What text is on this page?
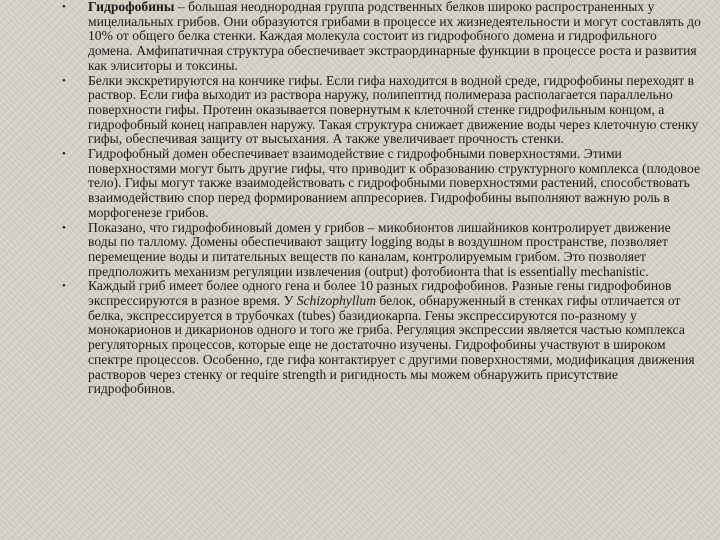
• Гидрофобины – большая неоднородная группа родственных белков широко распространенных у мицелиальных грибов. Они образуются грибами в процессе их жизнедеятельности и могут составлять до 10% от общего белка стенки. Каждая молекула состоит из гидрофобного домена и гидрофильного домена. Амфипатичная структура обеспечивает экстраординарные функции в процессе роста и развития как элиситоры и токсины.
• Белки экскретируются на кончике гифы. Если гифа находится в водной среде, гидрофобины переходят в раствор. Если гифа выходит из раствора наружу, полипептид полимераза располагается параллельно поверхности гифы. Протеин оказывается повернутым к клеточной стенке гидрофильным концом, а гидрофобный конец направлен наружу. Такая структура снижает движение воды через клеточную стенку гифы, обеспечивая защиту от высыхания. А также увеличивает прочность стенки.
• Гидрофобный домен обеспечивает взаимодействие с гидрофобными поверхностями. Этими поверхностями могут быть другие гифы, что приводит к образованию структурного комплекса (плодовое тело). Гифы могут также взаимодействовать с гидрофобными поверхностями растений, способствовать взаимодействию спор перед формированием аппресориев. Гидрофобины выполняют важную роль в морфогенезе грибов.
• Показано, что гидрофобиновый домен у грибов – микобионтов лишайников контролирует движение воды по таллому. Домены обеспечивают защиту logging воды в воздушном пространстве, позволяет перемещение воды и питательных веществ по каналам, контролируемым грибом. Это позволяет предположить механизм регуляции извлечения (output) фотобионта that is essentially mechanistic.
• Каждый гриб имеет более одного гена и более 10 разных гидрофобинов. Разные гены гидрофобинов экспрессируются в разное время. У Schizophyllum белок, обнаруженный в стенках гифы отличается от белка, экспрессируется в трубочках (tubes) базидиокарпа. Гены экспрессируются по-разному у монокарионов и дикарионов одного и того же гриба. Регуляция экспрессии является частью комплекса регуляторных процессов, которые еще не достаточно изучены. Гидрофобины участвуют в широком спектре процессов. Особенно, где гифа контактирует с другими поверхностями, модификация движения растворов через стенку or require strength и ригидность мы можем обнаружить присутствие гидрофобинов.
